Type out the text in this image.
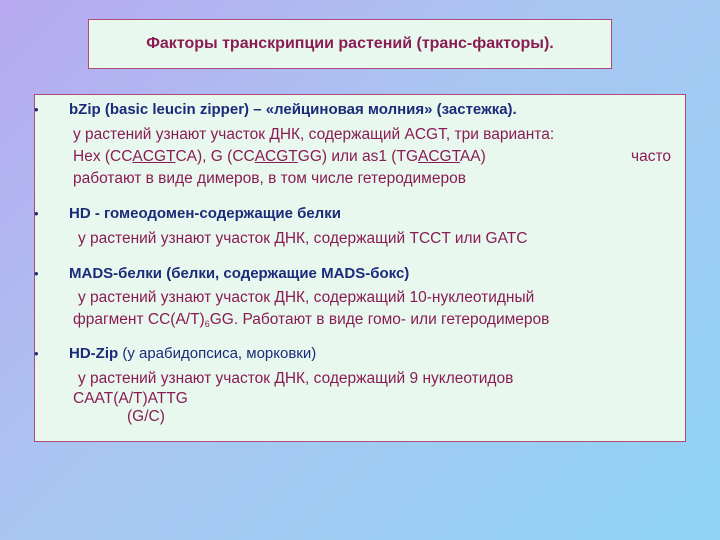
Факторы транскрипции растений (транс-факторы).
• bZip (basic leucin zipper) – «лейциновая молния» (застежка).
у растений узнают участок ДНК, содержащий ACGT, три варианта:
Hex (CCACGTCA), G (CCACGTGG) или as1 (TGACGTAA)	часто
работают в виде димеров, в том числе гетеродимеров
• HD - гомеодомен-содержащие белки
у растений узнают участок ДНК, содержащий TCCT или GATC
• MADS-белки (белки, содержащие MADS-бокс)
у растений узнают участок ДНК, содержащий 10-нуклеотидный
фрагмент $CC(A/T)_6GG$. Работают в виде гомо- или гетеродимеров
• HD-Zip (у арабидопсиса, морковки)
у растений узнают участок ДНК, содержащий 9 нуклеотидов
CAAT(A/T)ATTG
(G/C)
